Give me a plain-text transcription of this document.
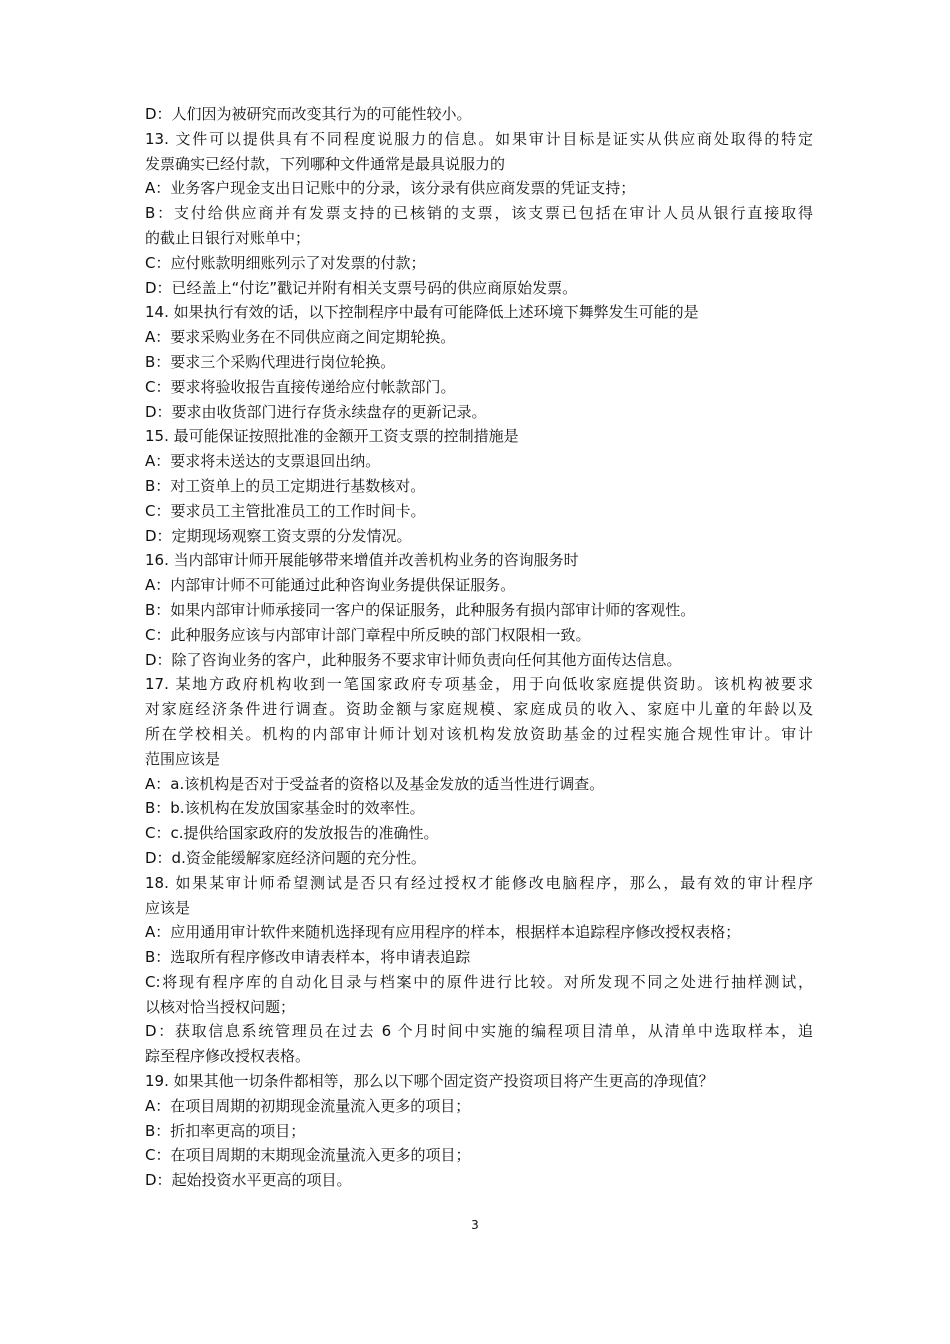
D：人们因为被研究而改变其行为的可能性较小。
13. 文件可以提供具有不同程度说服力的信息。如果审计目标是证实从供应商处取得的特定
发票确实已经付款，下列哪种文件通常是最具说服力的
A：业务客户现金支出日记账中的分录，该分录有供应商发票的凭证支持；
B：支付给供应商并有发票支持的已核销的支票，该支票已包括在审计人员从银行直接取得
的截止日银行对账单中；
C：应付账款明细账列示了对发票的付款；
D：已经盖上“付讫”戳记并附有相关支票号码的供应商原始发票。
14. 如果执行有效的话，以下控制程序中最有可能降低上述环境下舞弊发生可能的是
A：要求采购业务在不同供应商之间定期轮换。
B：要求三个采购代理进行岗位轮换。
C：要求将验收报告直接传递给应付帐款部门。
D：要求由收货部门进行存货永续盘存的更新记录。
15. 最可能保证按照批准的金额开工资支票的控制措施是
A：要求将未送达的支票退回出纳。
B：对工资单上的员工定期进行基数核对。
C：要求员工主管批准员工的工作时间卡。
D：定期现场观察工资支票的分发情况。
16. 当内部审计师开展能够带来增值并改善机构业务的咨询服务时
A：内部审计师不可能通过此种咨询业务提供保证服务。
B：如果内部审计师承接同一客户的保证服务，此种服务有损内部审计师的客观性。
C：此种服务应该与内部审计部门章程中所反映的部门权限相一致。
D：除了咨询业务的客户，此种服务不要求审计师负责向任何其他方面传达信息。
17. 某地方政府机构收到一笔国家政府专项基金，用于向低收家庭提供资助。该机构被要求
对家庭经济条件进行调查。资助金额与家庭规模、家庭成员的收入、家庭中儿童的年龄以及
所在学校相关。机构的内部审计师计划对该机构发放资助基金的过程实施合规性审计。审计
范围应该是
A：a.该机构是否对于受益者的资格以及基金发放的适当性进行调查。
B：b.该机构在发放国家基金时的效率性。
C：c.提供给国家政府的发放报告的准确性。
D：d.资金能缓解家庭经济问题的充分性。
18. 如果某审计师希望测试是否只有经过授权才能修改电脑程序，那么，最有效的审计程序
应该是
A：应用通用审计软件来随机选择现有应用程序的样本，根据样本追踪程序修改授权表格；
B：选取所有程序修改申请表样本，将申请表追踪
C:将现有程序库的自动化目录与档案中的原件进行比较。对所发现不同之处进行抽样测试，
以核对恰当授权问题；
D：获取信息系统管理员在过去 6 个月时间中实施的编程项目清单，从清单中选取样本，追
踪至程序修改授权表格。
19. 如果其他一切条件都相等，那么以下哪个固定资产投资项目将产生更高的净现值？
A：在项目周期的初期现金流量流入更多的项目；
B：折扣率更高的项目；
C：在项目周期的末期现金流量流入更多的项目；
D：起始投资水平更高的项目。
3
